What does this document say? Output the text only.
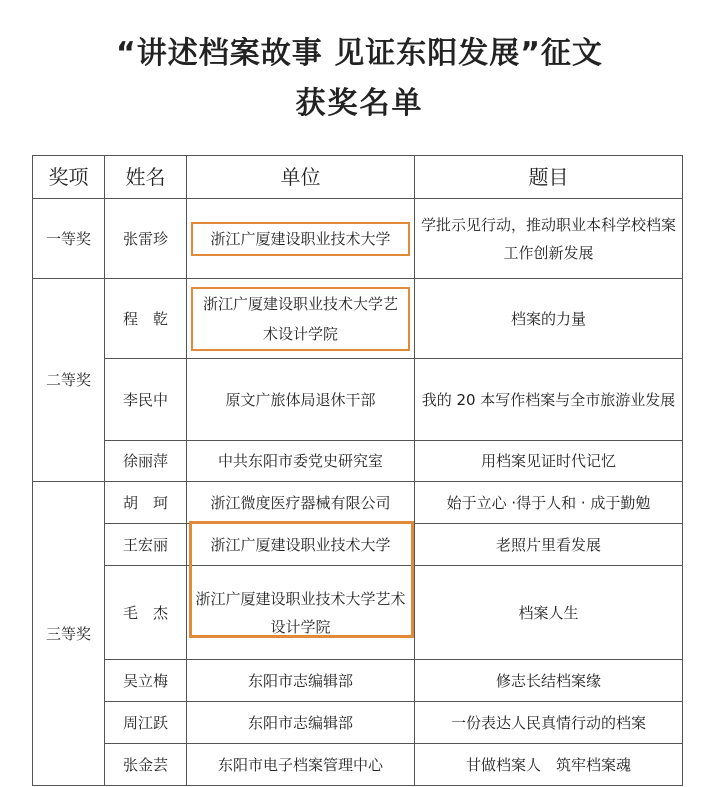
“讲述档案故事 见证东阳发展”征文
获奖名单
奖项	姓名	单位	题目
一等奖	张雷珍	浙江广厦建设职业技术大学	学批示见行动，推动职业本科学校档案工作创新发展
二等奖	程　乾	浙江广厦建设职业技术大学艺术设计学院	档案的力量
	李民中	原文广旅体局退休干部	我的 20 本写作档案与全市旅游业发展
	徐丽萍	中共东阳市委党史研究室	用档案见证时代记忆
三等奖	胡　珂	浙江微度医疗器械有限公司	始于立心 ·得于人和 · 成于勤勉
	王宏丽	浙江广厦建设职业技术大学	老照片里看发展
	毛　杰	浙江广厦建设职业技术大学艺术设计学院	档案人生
	吴立梅	东阳市志编辑部	修志长结档案缘
	周江跃	东阳市志编辑部	一份表达人民真情行动的档案
	张金芸	东阳市电子档案管理中心	甘做档案人　筑牢档案魂
